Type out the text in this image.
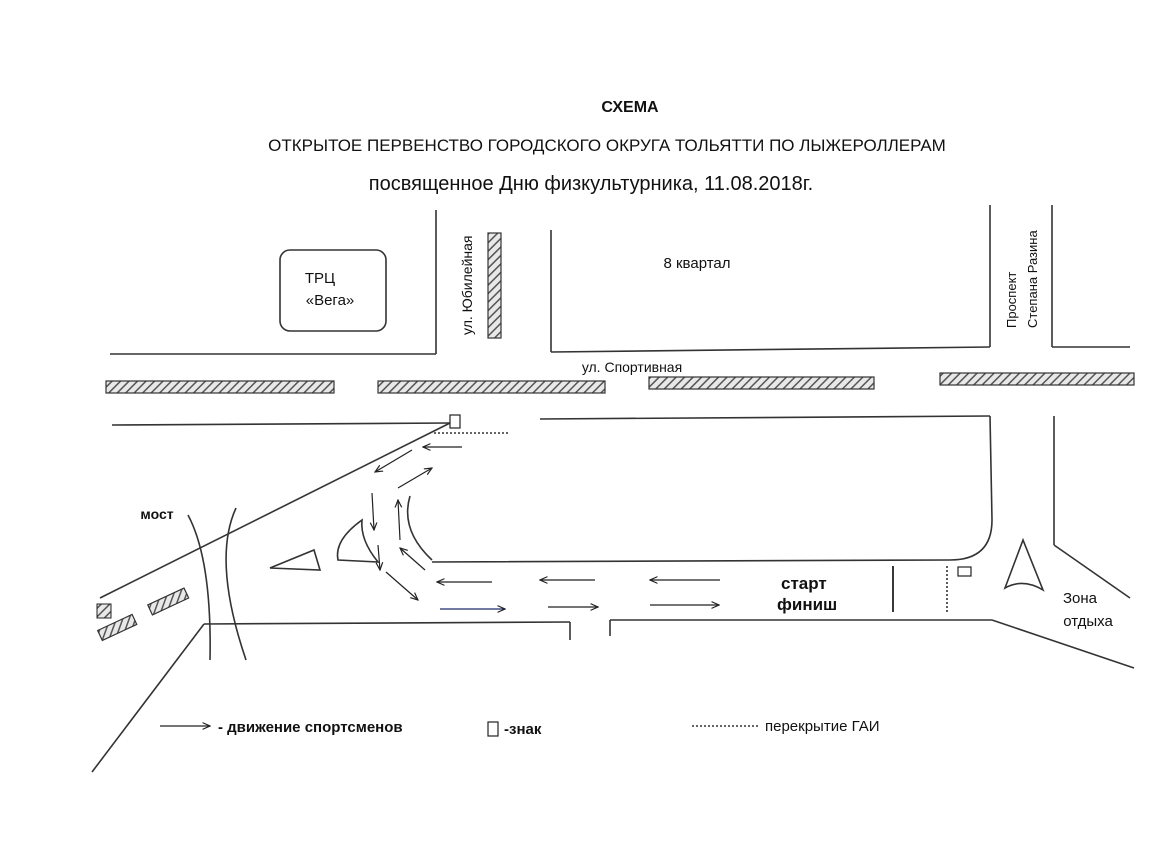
СХЕМА
ОТКРЫТОЕ ПЕРВЕНСТВО ГОРОДСКОГО ОКРУГА ТОЛЬЯТТИ ПО ЛЫЖЕРОЛЛЕРАМ
посвященное Дню физкультурника, 11.08.2018г.
ТРЦ
«Вега»	ул. Юбилейная	8 квартал
Проспект Степана Разина
ул. Спортивная
мост
старт
финиш	Зона
отдыха
- движение спортсменов	-знак	перекрытие ГАИ
